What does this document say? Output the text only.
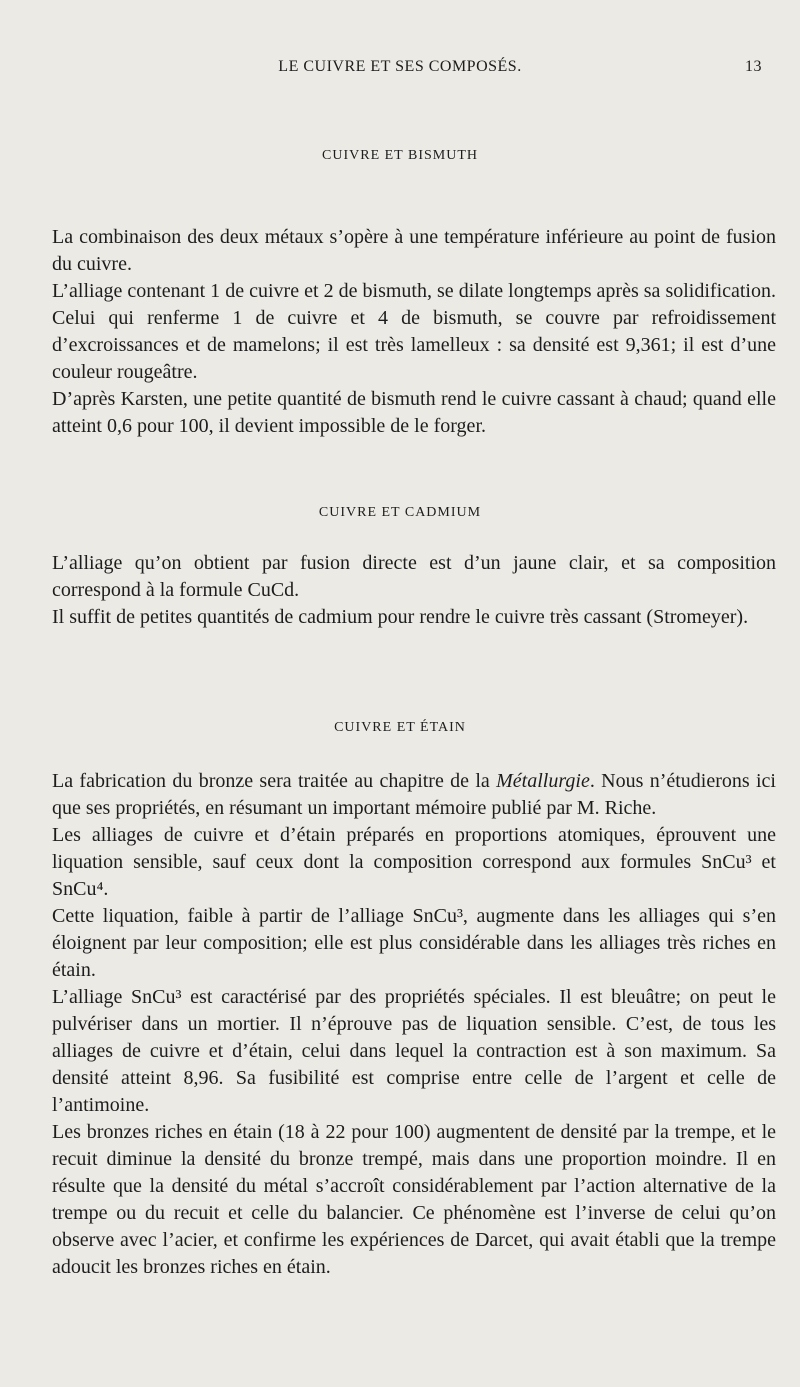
LE CUIVRE ET SES COMPOSÉS.	13
CUIVRE ET BISMUTH

La combinaison des deux métaux s’opère à une température inférieure au point de fusion du cuivre.

L’alliage contenant 1 de cuivre et 2 de bismuth, se dilate longtemps après sa solidification. Celui qui renferme 1 de cuivre et 4 de bismuth, se couvre par refroidissement d’excroissances et de mamelons; il est très lamelleux : sa densité est 9,361; il est d’une couleur rougeâtre.

D’après Karsten, une petite quantité de bismuth rend le cuivre cassant à chaud; quand elle atteint 0,6 pour 100, il devient impossible de le forger.

CUIVRE ET CADMIUM

L’alliage qu’on obtient par fusion directe est d’un jaune clair, et sa composition correspond à la formule CuCd.

Il suffit de petites quantités de cadmium pour rendre le cuivre très cassant (Stromeyer).

CUIVRE ET ÉTAIN

La fabrication du bronze sera traitée au chapitre de la Métallurgie. Nous n’étudierons ici que ses propriétés, en résumant un important mémoire publié par M. Riche.

Les alliages de cuivre et d’étain préparés en proportions atomiques, éprouvent une liquation sensible, sauf ceux dont la composition correspond aux formules SnCu³ et SnCu⁴.

Cette liquation, faible à partir de l’alliage SnCu³, augmente dans les alliages qui s’en éloignent par leur composition; elle est plus considérable dans les alliages très riches en étain.

L’alliage SnCu³ est caractérisé par des propriétés spéciales. Il est bleuâtre; on peut le pulvériser dans un mortier. Il n’éprouve pas de liquation sensible. C’est, de tous les alliages de cuivre et d’étain, celui dans lequel la contraction est à son maximum. Sa densité atteint 8,96. Sa fusibilité est comprise entre celle de l’argent et celle de l’antimoine.

Les bronzes riches en étain (18 à 22 pour 100) augmentent de densité par la trempe, et le recuit diminue la densité du bronze trempé, mais dans une proportion moindre. Il en résulte que la densité du métal s’accroît considérablement par l’action alternative de la trempe ou du recuit et celle du balancier. Ce phénomène est l’inverse de celui qu’on observe avec l’acier, et confirme les expériences de Darcet, qui avait établi que la trempe adoucit les bronzes riches en étain.
